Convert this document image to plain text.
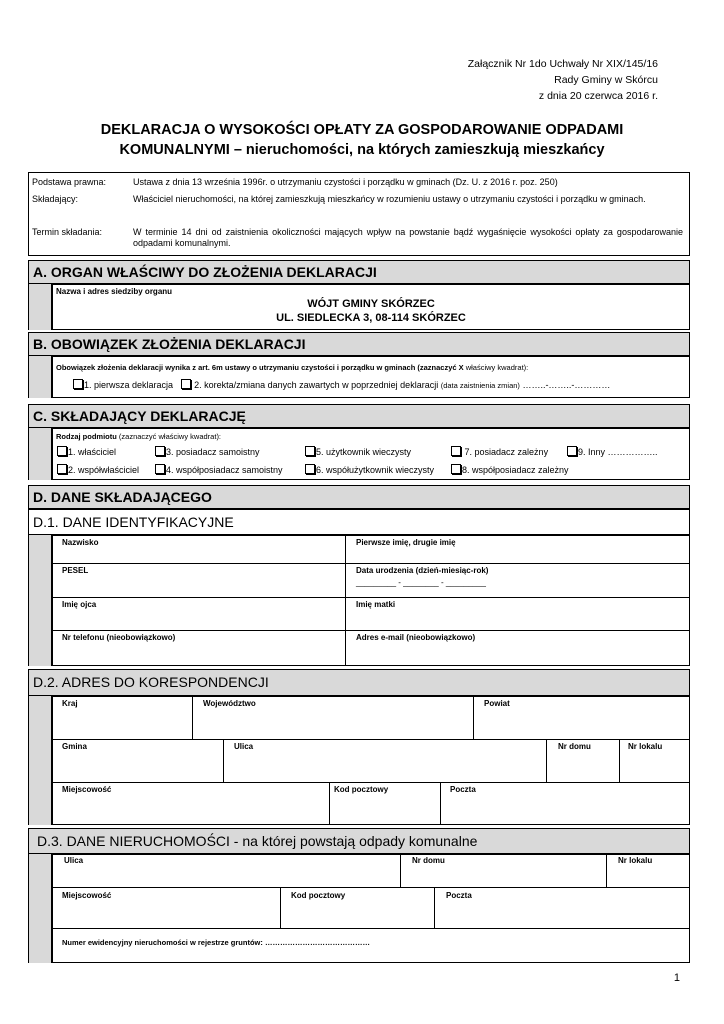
Załącznik Nr 1do Uchwały Nr XIX/145/16
Rady Gminy w Skórcu
z dnia 20 czerwca 2016 r.
DEKLARACJA O WYSOKOŚCI OPŁATY ZA GOSPODAROWANIE ODPADAMI
KOMUNALNYMI – nieruchomości, na których zamieszkują mieszkańcy
Podstawa prawna:	Ustawa z dnia 13 września 1996r. o utrzymaniu czystości i porządku w gminach (Dz. U. z 2016 r. poz. 250)
Składający:	Właściciel nieruchomości, na której zamieszkują mieszkańcy w rozumieniu ustawy o utrzymaniu czystości i porządku w gminach.
Termin składania:	W terminie 14 dni od zaistnienia okoliczności mających wpływ na powstanie bądź wygaśnięcie wysokości opłaty za gospodarowanie odpadami komunalnymi.
A. ORGAN WŁAŚCIWY DO ZŁOŻENIA DEKLARACJI
Nazwa i adres siedziby organu
WÓJT GMINY SKÓRZEC
UL. SIEDLECKA 3, 08-114 SKÓRZEC
B. OBOWIĄZEK ZŁOŻENIA DEKLARACJI
Obowiązek złożenia deklaracji wynika z art. 6m ustawy o utrzymaniu czystości i porządku w gminach (zaznaczyć X właściwy kwadrat):
1. pierwsza deklaracja 2. korekta/zmiana danych zawartych w poprzedniej deklaracji (data zaistnienia zmian) ……..-……..-…………
C. SKŁADAJĄCY DEKLARACJĘ
Rodzaj podmiotu (zaznaczyć właściwy kwadrat):
1. właściciel	3. posiadacz samoistny	5. użytkownik wieczysty	7. posiadacz zależny	9. Inny ……………..
2. współwłaściciel	4. współposiadacz samoistny	6. współużytkownik wieczysty	8. współposiadacz zależny
D. DANE SKŁADAJĄCEGO
D.1. DANE IDENTYFIKACYJNE
Nazwisko	Pierwsze imię, drugie imię
PESEL	Data urodzenia (dzień-miesiąc-rok)
_________ - ________ - _________
Imię ojca	Imię matki
Nr telefonu (nieobowiązkowo)	Adres e-mail (nieobowiązkowo)
D.2. ADRES DO KORESPONDENCJI
Kraj	Województwo	Powiat
Gmina	Ulica	Nr domu	Nr lokalu
Miejscowość	Kod pocztowy	Poczta
D.3. DANE NIERUCHOMOŚCI - na której powstają odpady komunalne
Ulica	Nr domu	Nr lokalu
Miejscowość	Kod pocztowy	Poczta
Numer ewidencyjny nieruchomości w rejestrze gruntów: ……………………………………
1
